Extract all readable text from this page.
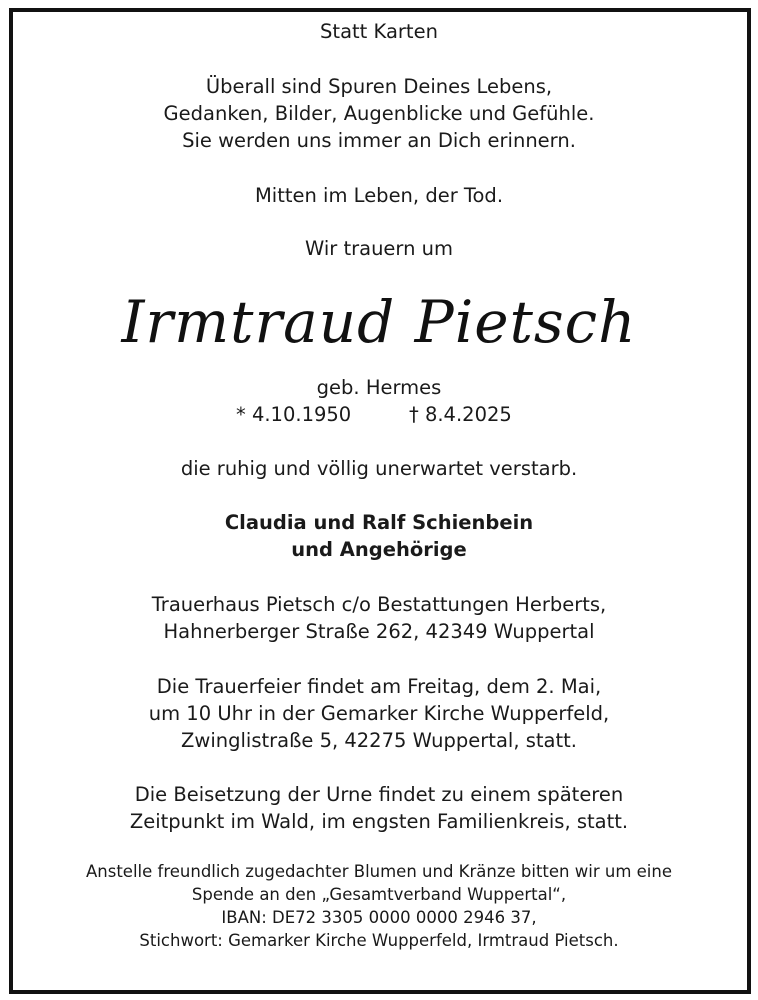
Statt Karten

Überall sind Spuren Deines Lebens,

Gedanken, Bilder, Augenblicke und Gefühle.

Sie werden uns immer an Dich erinnern.

Mitten im Leben, der Tod.

Wir trauern um

Irmtraud Pietsch

geb. Hermes

* 4.10.1950	† 8.4.2025

die ruhig und völlig unerwartet verstarb.

Claudia und Ralf Schienbein

und Angehörige

Trauerhaus Pietsch c/o Bestattungen Herberts,

Hahnerberger Straße 262, 42349 Wuppertal

Die Trauerfeier findet am Freitag, dem 2. Mai,

um 10 Uhr in der Gemarker Kirche Wupperfeld,

Zwinglistraße 5, 42275 Wuppertal, statt.

Die Beisetzung der Urne findet zu einem späteren

Zeitpunkt im Wald, im engsten Familienkreis, statt.

Anstelle freundlich zugedachter Blumen und Kränze bitten wir um eine

Spende an den „Gesamtverband Wuppertal“,

IBAN: DE72 3305 0000 0000 2946 37,

Stichwort: Gemarker Kirche Wupperfeld, Irmtraud Pietsch.
